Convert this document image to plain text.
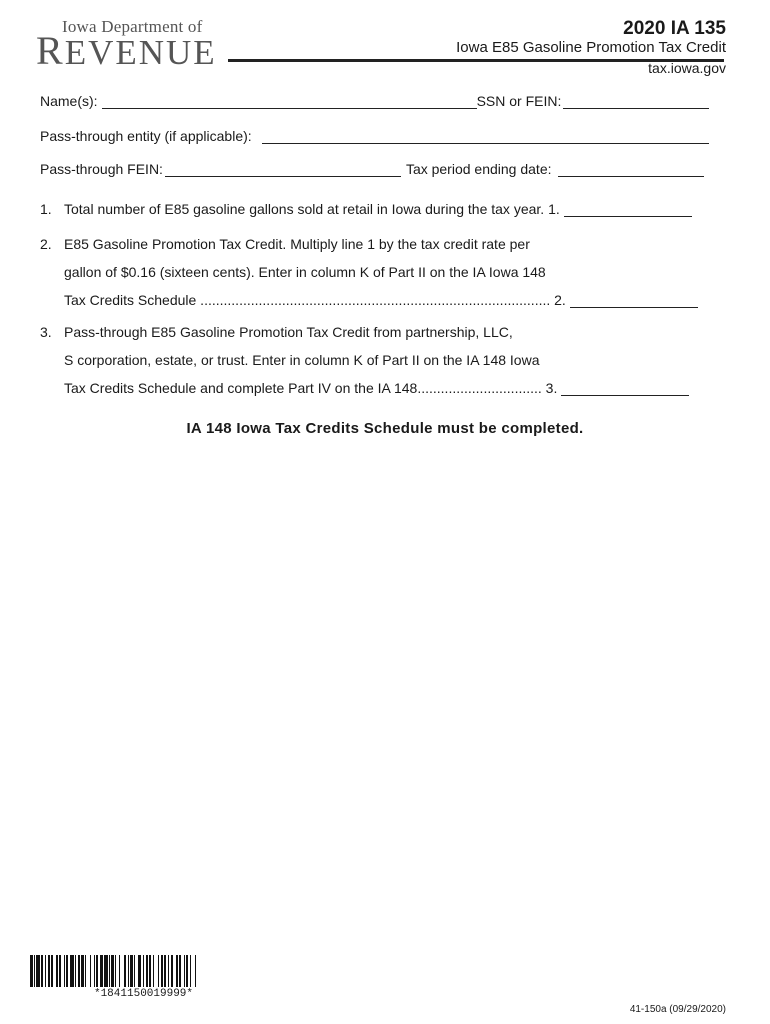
Iowa Department of
REVENUE
2020 IA 135
Iowa E85 Gasoline Promotion Tax Credit
tax.iowa.gov
Name(s):	SSN or FEIN:
Pass-through entity (if applicable):
Pass-through FEIN:	Tax period ending date:
1. Total number of E85 gasoline gallons sold at retail in Iowa during the tax year. 1.
2. E85 Gasoline Promotion Tax Credit. Multiply line 1 by the tax credit rate per
gallon of $0.16 (sixteen cents). Enter in column K of Part II on the IA Iowa 148
Tax Credits Schedule .......................................................................................... 2.
3. Pass-through E85 Gasoline Promotion Tax Credit from partnership, LLC,
S corporation, estate, or trust. Enter in column K of Part II on the IA 148 Iowa
Tax Credits Schedule and complete Part IV on the IA 148................................ 3.
IA 148 Iowa Tax Credits Schedule must be completed.
*1841150019999*
41-150a (09/29/2020)
